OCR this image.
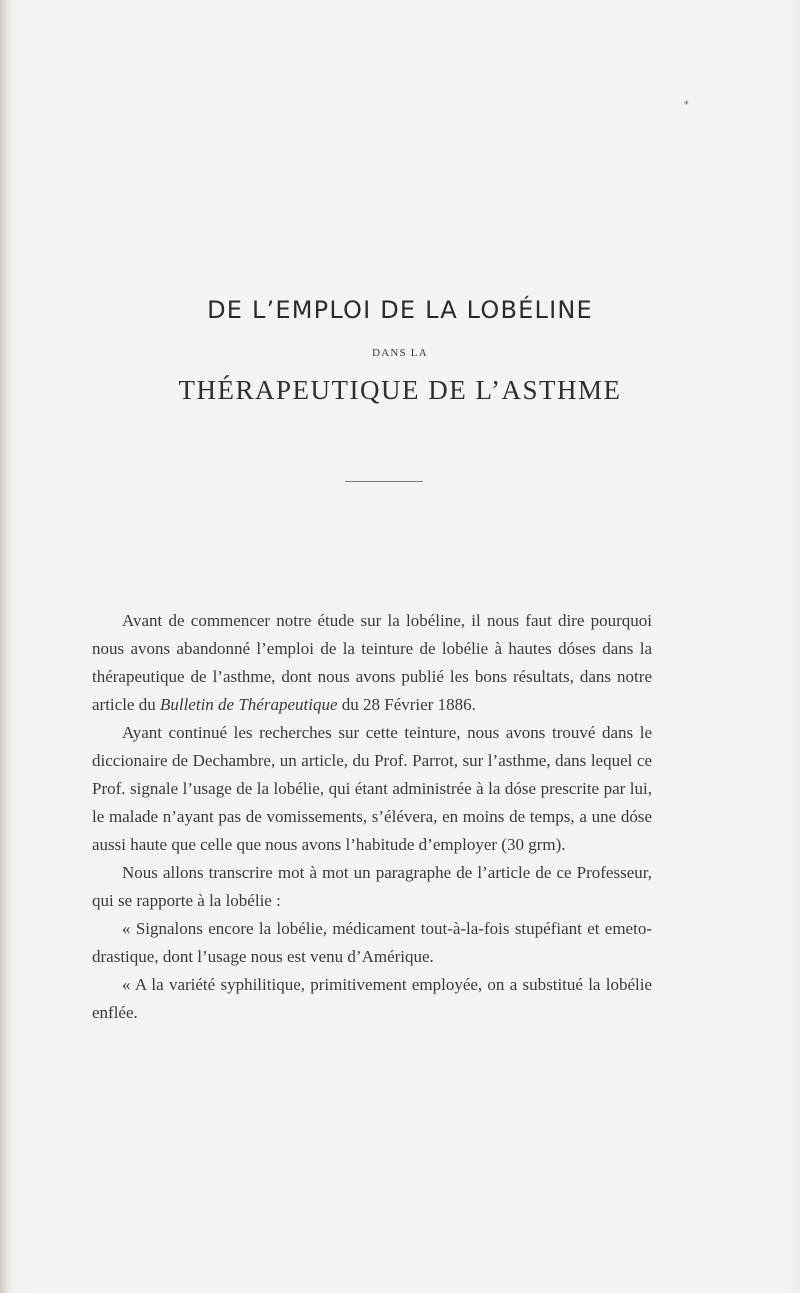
*
DE L’EMPLOI DE LA LOBÉLINE
DANS LA
THÉRAPEUTIQUE DE L’ASTHME

Avant de commencer notre étude sur la lobéline, il nous faut dire pourquoi nous avons abandonné l’emploi de la teinture de lobélie à hautes dóses dans la thérapeutique de l’asthme, dont nous avons publié les bons résultats, dans notre article du Bulletin de Thérapeutique du 28 Février 1886.

Ayant continué les recherches sur cette teinture, nous avons trouvé dans le diccionaire de Dechambre, un article, du Prof. Parrot, sur l’asthme, dans lequel ce Prof. signale l’usage de la lobélie, qui étant administrée à la dóse prescrite par lui, le malade n’ayant pas de vomissements, s’élévera, en moins de temps, a une dóse aussi haute que celle que nous avons l’habitude d’employer (30 grm).

Nous allons transcrire mot à mot un paragraphe de l’article de ce Professeur, qui se rapporte à la lobélie :

« Signalons encore la lobélie, médicament tout-à-la-fois stupéfiant et emeto-drastique, dont l’usage nous est venu d’Amérique.

« A la variété syphilitique, primitivement employée, on a substitué la lobélie enflée.
